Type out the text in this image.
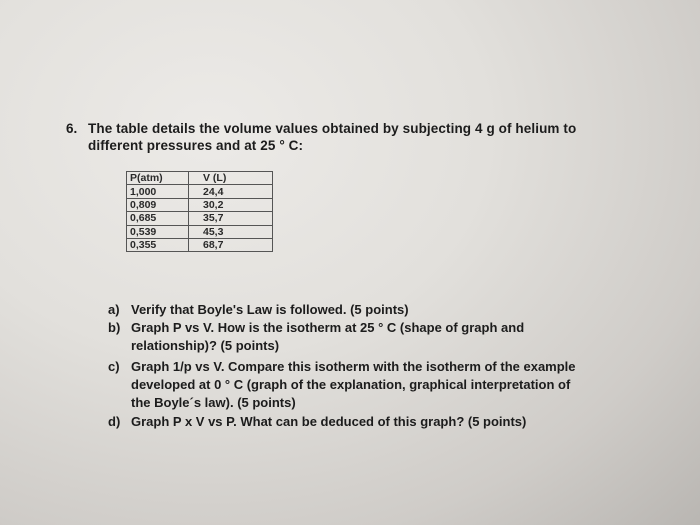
6. The table details the volume values obtained by subjecting 4 g of helium to
different pressures and at 25 ° C:
P(atm)	V (L)
1,000	24,4
0,809	30,2
0,685	35,7
0,539	45,3
0,355	68,7
a) Verify that Boyle's Law is followed. (5 points)
b) Graph P vs V. How is the isotherm at 25 ° C (shape of graph and
relationship)? (5 points)
c) Graph 1/p vs V. Compare this isotherm with the isotherm of the example
developed at 0 ° C (graph of the explanation, graphical interpretation of
the Boyle´s law). (5 points)
d) Graph P x V vs P. What can be deduced of this graph? (5 points)
